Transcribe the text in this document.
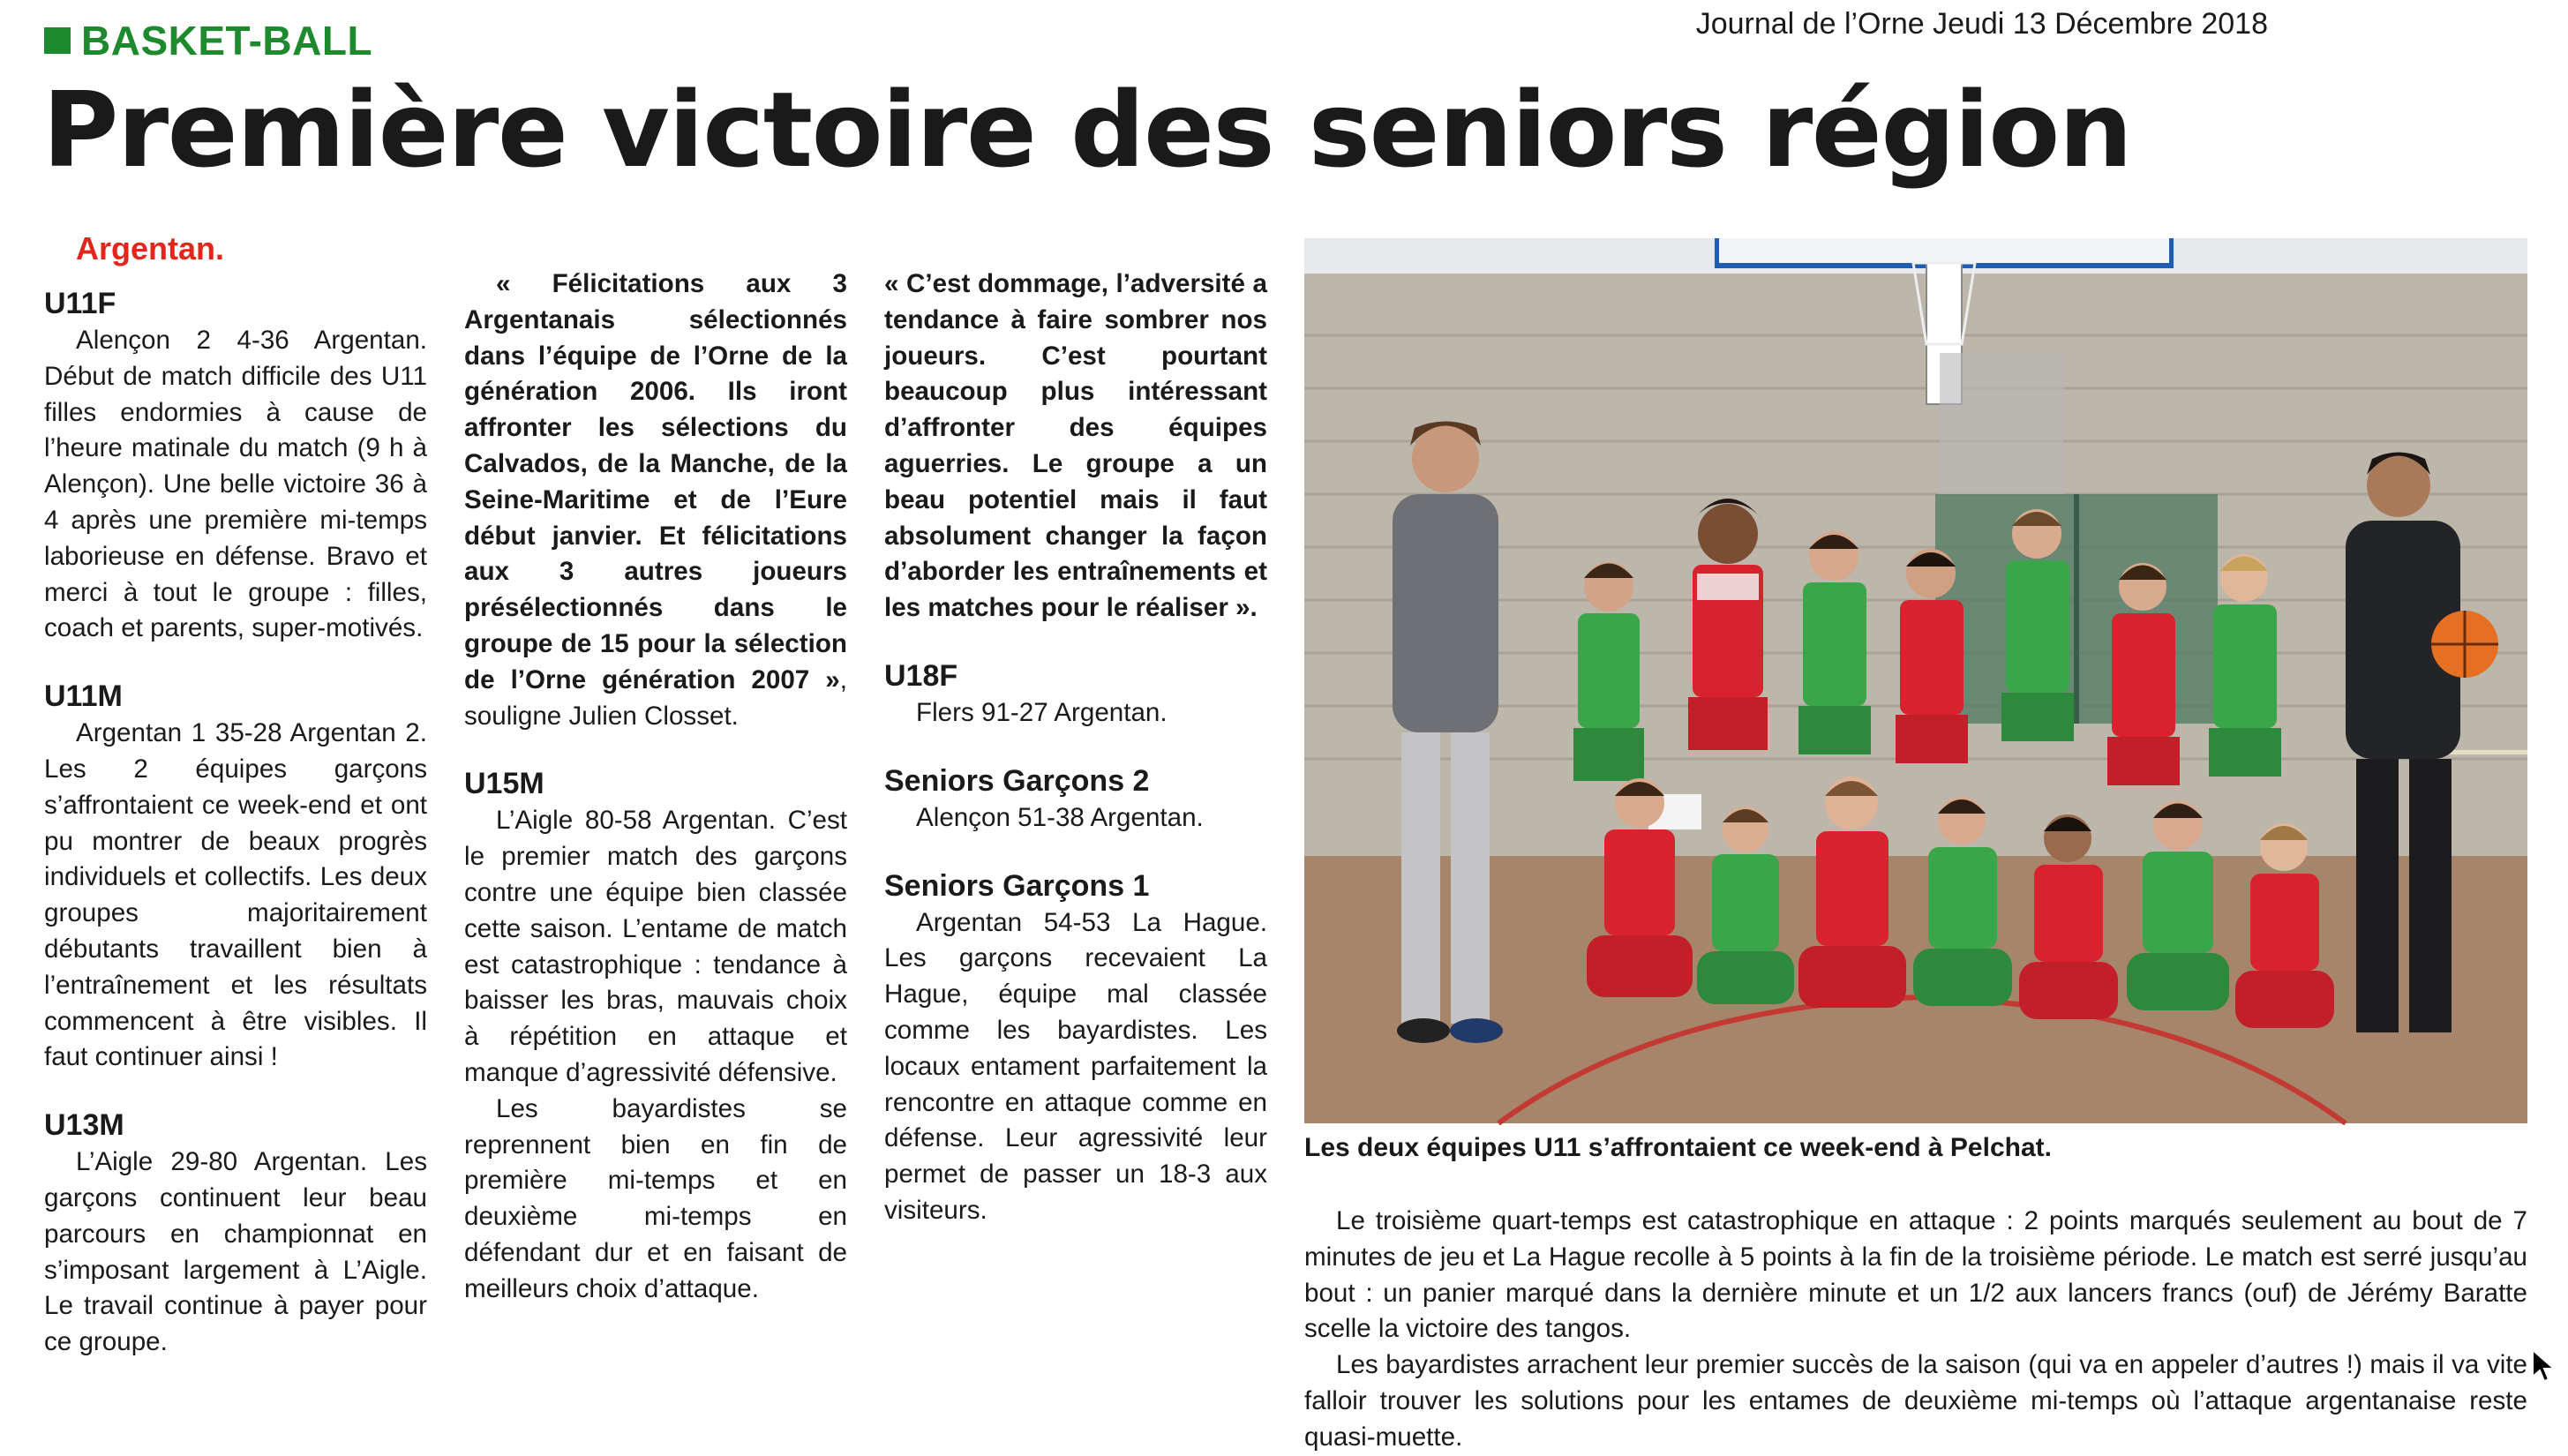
BASKET-BALL	Journal de l’Orne Jeudi 13 Décembre 2018
Première victoire des seniors région
Argentan.
U11F

Alençon 2 4-36 Argentan. Début de match difficile des U11 filles endormies à cause de l’heure matinale du match (9 h à Alençon). Une belle victoire 36 à 4 après une première mi-temps laborieuse en défense. Bravo et merci à tout le groupe : filles, coach et parents, super-motivés.

U11M

Argentan 1 35-28 Argentan 2. Les 2 équipes garçons s’affrontaient ce week-end et ont pu montrer de beaux progrès individuels et collectifs. Les deux groupes majoritairement débutants travaillent bien à l’entraînement et les résultats commencent à être visibles. Il faut continuer ainsi !

U13M

L’Aigle 29-80 Argentan. Les garçons continuent leur beau parcours en championnat en s’imposant largement à L’Aigle. Le travail continue à payer pour ce groupe.

« Félicitations aux 3 Argentanais sélectionnés dans l’équipe de l’Orne de la génération 2006. Ils iront affronter les sélections du Calvados, de la Manche, de la Seine-Maritime et de l’Eure début janvier. Et félicitations aux 3 autres joueurs présélectionnés dans le groupe de 15 pour la sélection de l’Orne génération 2007 », souligne Julien Closset.

U15M

L’Aigle 80-58 Argentan. C’est le premier match des garçons contre une équipe bien classée cette saison. L’entame de match est catastrophique : tendance à baisser les bras, mauvais choix à répétition en attaque et manque d’agressivité défensive.

Les bayardistes se reprennent bien en fin de première mi-temps et en deuxième mi-temps en défendant dur et en faisant de meilleurs choix d’attaque.

« C’est dommage, l’adversité a tendance à faire sombrer nos joueurs. C’est pourtant beaucoup plus intéressant d’affronter des équipes aguerries. Le groupe a un beau potentiel mais il faut absolument changer la façon d’aborder les entraînements et les matches pour le réaliser ».

U18F

Flers 91-27 Argentan.

Seniors Garçons 2

Alençon 51-38 Argentan.

Seniors Garçons 1

Argentan 54-53 La Hague. Les garçons recevaient La Hague, équipe mal classée comme les bayardistes. Les locaux entament parfaitement la rencontre en attaque comme en défense. Leur agressivité leur permet de passer un 18-3 aux visiteurs.	Le troisième quart-temps est catastrophique en attaque : 2 points marqués seulement au bout de 7 minutes de jeu et La Hague recolle à 5 points à la fin de la troisième période. Le match est serré jusqu’au bout : un panier marqué dans la dernière minute et un 1/2 aux lancers francs (ouf) de Jérémy Baratte scelle la victoire des tangos.

Les bayardistes arrachent leur premier succès de la saison (qui va en appeler d’autres !) mais il va vite falloir trouver les solutions pour les entames de deuxième mi-temps où l’attaque argentanaise reste quasi-muette.

Les deux équipes U11 s’affrontaient ce week-end à Pelchat.
